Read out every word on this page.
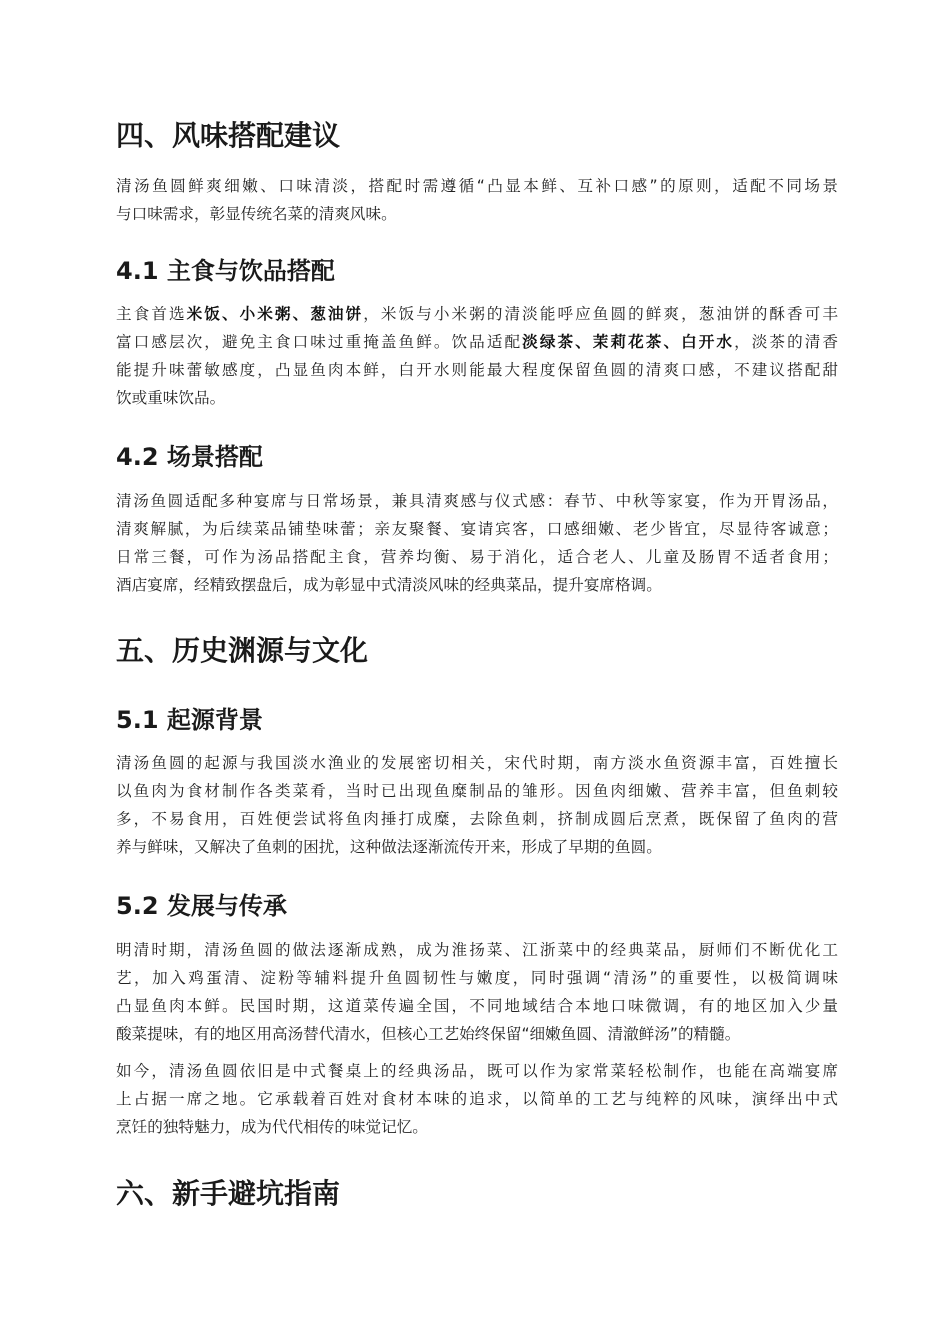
四、风味搭配建议
清汤鱼圆鲜爽细嫩、口味清淡，搭配时需遵循“凸显本鲜、互补口感”的原则，适配不同场景
与口味需求，彰显传统名菜的清爽风味。
4.1 主食与饮品搭配
主食首选米饭、小米粥、葱油饼，米饭与小米粥的清淡能呼应鱼圆的鲜爽，葱油饼的酥香可丰
富口感层次，避免主食口味过重掩盖鱼鲜。饮品适配淡绿茶、茉莉花茶、白开水，淡茶的清香
能提升味蕾敏感度，凸显鱼肉本鲜，白开水则能最大程度保留鱼圆的清爽口感，不建议搭配甜
饮或重味饮品。
4.2 场景搭配
清汤鱼圆适配多种宴席与日常场景，兼具清爽感与仪式感：春节、中秋等家宴，作为开胃汤品，
清爽解腻，为后续菜品铺垫味蕾；亲友聚餐、宴请宾客，口感细嫩、老少皆宜，尽显待客诚意；
日常三餐，可作为汤品搭配主食，营养均衡、易于消化，适合老人、儿童及肠胃不适者食用；
酒店宴席，经精致摆盘后，成为彰显中式清淡风味的经典菜品，提升宴席格调。
五、历史渊源与文化
5.1 起源背景
清汤鱼圆的起源与我国淡水渔业的发展密切相关，宋代时期，南方淡水鱼资源丰富，百姓擅长
以鱼肉为食材制作各类菜肴，当时已出现鱼糜制品的雏形。因鱼肉细嫩、营养丰富，但鱼刺较
多，不易食用，百姓便尝试将鱼肉捶打成糜，去除鱼刺，挤制成圆后烹煮，既保留了鱼肉的营
养与鲜味，又解决了鱼刺的困扰，这种做法逐渐流传开来，形成了早期的鱼圆。
5.2 发展与传承
明清时期，清汤鱼圆的做法逐渐成熟，成为淮扬菜、江浙菜中的经典菜品，厨师们不断优化工
艺，加入鸡蛋清、淀粉等辅料提升鱼圆韧性与嫩度，同时强调“清汤”的重要性，以极简调味
凸显鱼肉本鲜。民国时期，这道菜传遍全国，不同地域结合本地口味微调，有的地区加入少量
酸菜提味，有的地区用高汤替代清水，但核心工艺始终保留“细嫩鱼圆、清澈鲜汤”的精髓。
如今，清汤鱼圆依旧是中式餐桌上的经典汤品，既可以作为家常菜轻松制作，也能在高端宴席
上占据一席之地。它承载着百姓对食材本味的追求，以简单的工艺与纯粹的风味，演绎出中式
烹饪的独特魅力，成为代代相传的味觉记忆。
六、新手避坑指南
